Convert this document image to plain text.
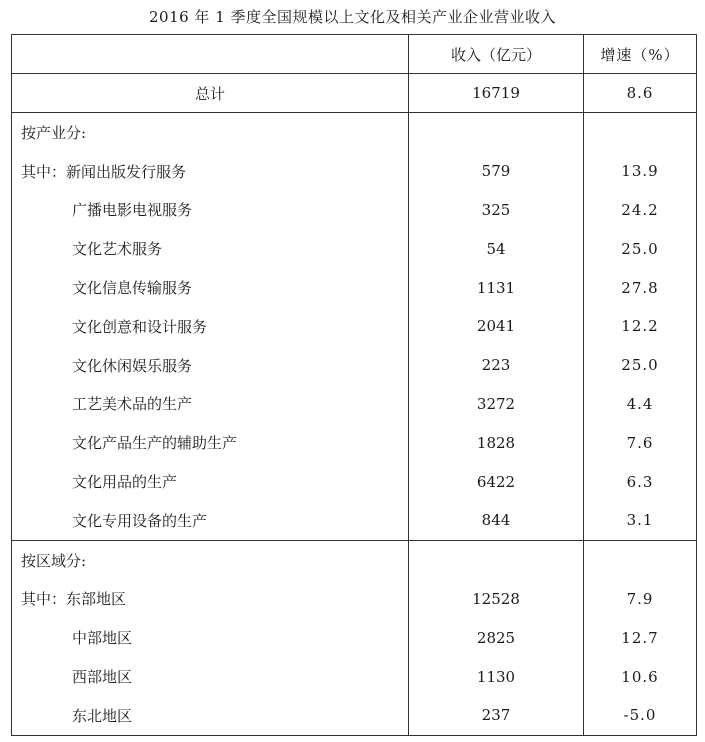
2016 年 1 季度全国规模以上文化及相关产业企业营业收入
	收入（亿元）	增速（%）
总计	16719	8.6
按产业分:		
其中：新闻出版发行服务	579	13.9
广播电影电视服务	325	24.2
文化艺术服务	54	25.0
文化信息传输服务	1131	27.8
文化创意和设计服务	2041	12.2
文化休闲娱乐服务	223	25.0
工艺美术品的生产	3272	4.4
文化产品生产的辅助生产	1828	7.6
文化用品的生产	6422	6.3
文化专用设备的生产	844	3.1
按区域分:		
其中：东部地区	12528	7.9
中部地区	2825	12.7
西部地区	1130	10.6
东北地区	237	-5.0
